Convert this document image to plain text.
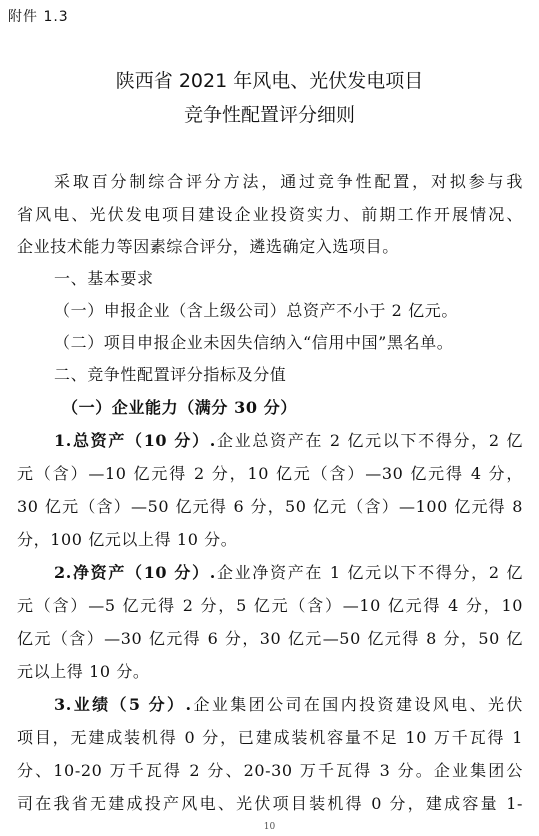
附件 1.3
陕西省 2021 年风电、光伏发电项目
竞争性配置评分细则
采取百分制综合评分方法，通过竞争性配置，对拟参与我
省风电、光伏发电项目建设企业投资实力、前期工作开展情况、
企业技术能力等因素综合评分，遴选确定入选项目。
一、基本要求
（一）申报企业（含上级公司）总资产不小于 2 亿元。
（二）项目申报企业未因失信纳入“信用中国”黑名单。
二、竞争性配置评分指标及分值
（一）企业能力（满分 30 分）
1.总资产（10 分）.企业总资产在 2 亿元以下不得分，2 亿
元（含）—10 亿元得 2 分，10 亿元（含）—30 亿元得 4 分，
30 亿元（含）—50 亿元得 6 分，50 亿元（含）—100 亿元得 8
分，100 亿元以上得 10 分。
2.净资产（10 分）.企业净资产在 1 亿元以下不得分，2 亿
元（含）—5 亿元得 2 分，5 亿元（含）—10 亿元得 4 分，10
亿元（含）—30 亿元得 6 分，30 亿元—50 亿元得 8 分，50 亿
元以上得 10 分。
3.业绩（5 分）.企业集团公司在国内投资建设风电、光伏
项目，无建成装机得 0 分，已建成装机容量不足 10 万千瓦得 1
分、10-20 万千瓦得 2 分、20-30 万千瓦得 3 分。企业集团公
司在我省无建成投产风电、光伏项目装机得 0 分，建成容量 1-
10
